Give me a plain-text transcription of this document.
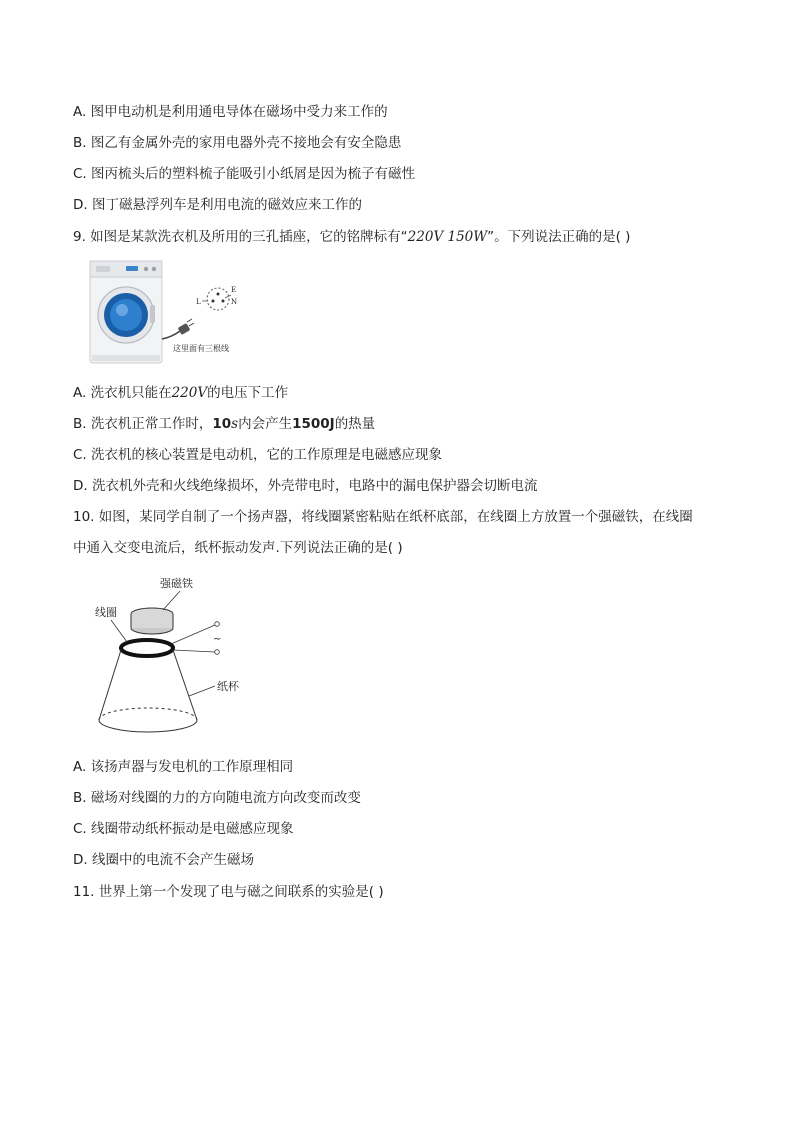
A. 图甲电动机是利用通电导体在磁场中受力来工作的
B. 图乙有金属外壳的家用电器外壳不接地会有安全隐患
C. 图丙梳头后的塑料梳子能吸引小纸屑是因为梳子有磁性
D. 图丁磁悬浮列车是利用电流的磁效应来工作的
9. 如图是某款洗衣机及所用的三孔插座，它的铭牌标有“220V 150W”。下列说法正确的是( )
L
E
N
这里面有三根线
A. 洗衣机只能在220V的电压下工作
B. 洗衣机正常工作时，10s内会产生1500J的热量
C. 洗衣机的核心装置是电动机，它的工作原理是电磁感应现象
D. 洗衣机外壳和火线绝缘损坏，外壳带电时，电路中的漏电保护器会切断电流
10. 如图，某同学自制了一个扬声器，将线圈紧密粘贴在纸杯底部，在线圈上方放置一个强磁铁，在线圈
中通入交变电流后，纸杯振动发声.下列说法正确的是( )
强磁铁
线圈
~
纸杯
A. 该扬声器与发电机的工作原理相同
B. 磁场对线圈的力的方向随电流方向改变而改变
C. 线圈带动纸杯振动是电磁感应现象
D. 线圈中的电流不会产生磁场
11. 世界上第一个发现了电与磁之间联系的实验是( )
